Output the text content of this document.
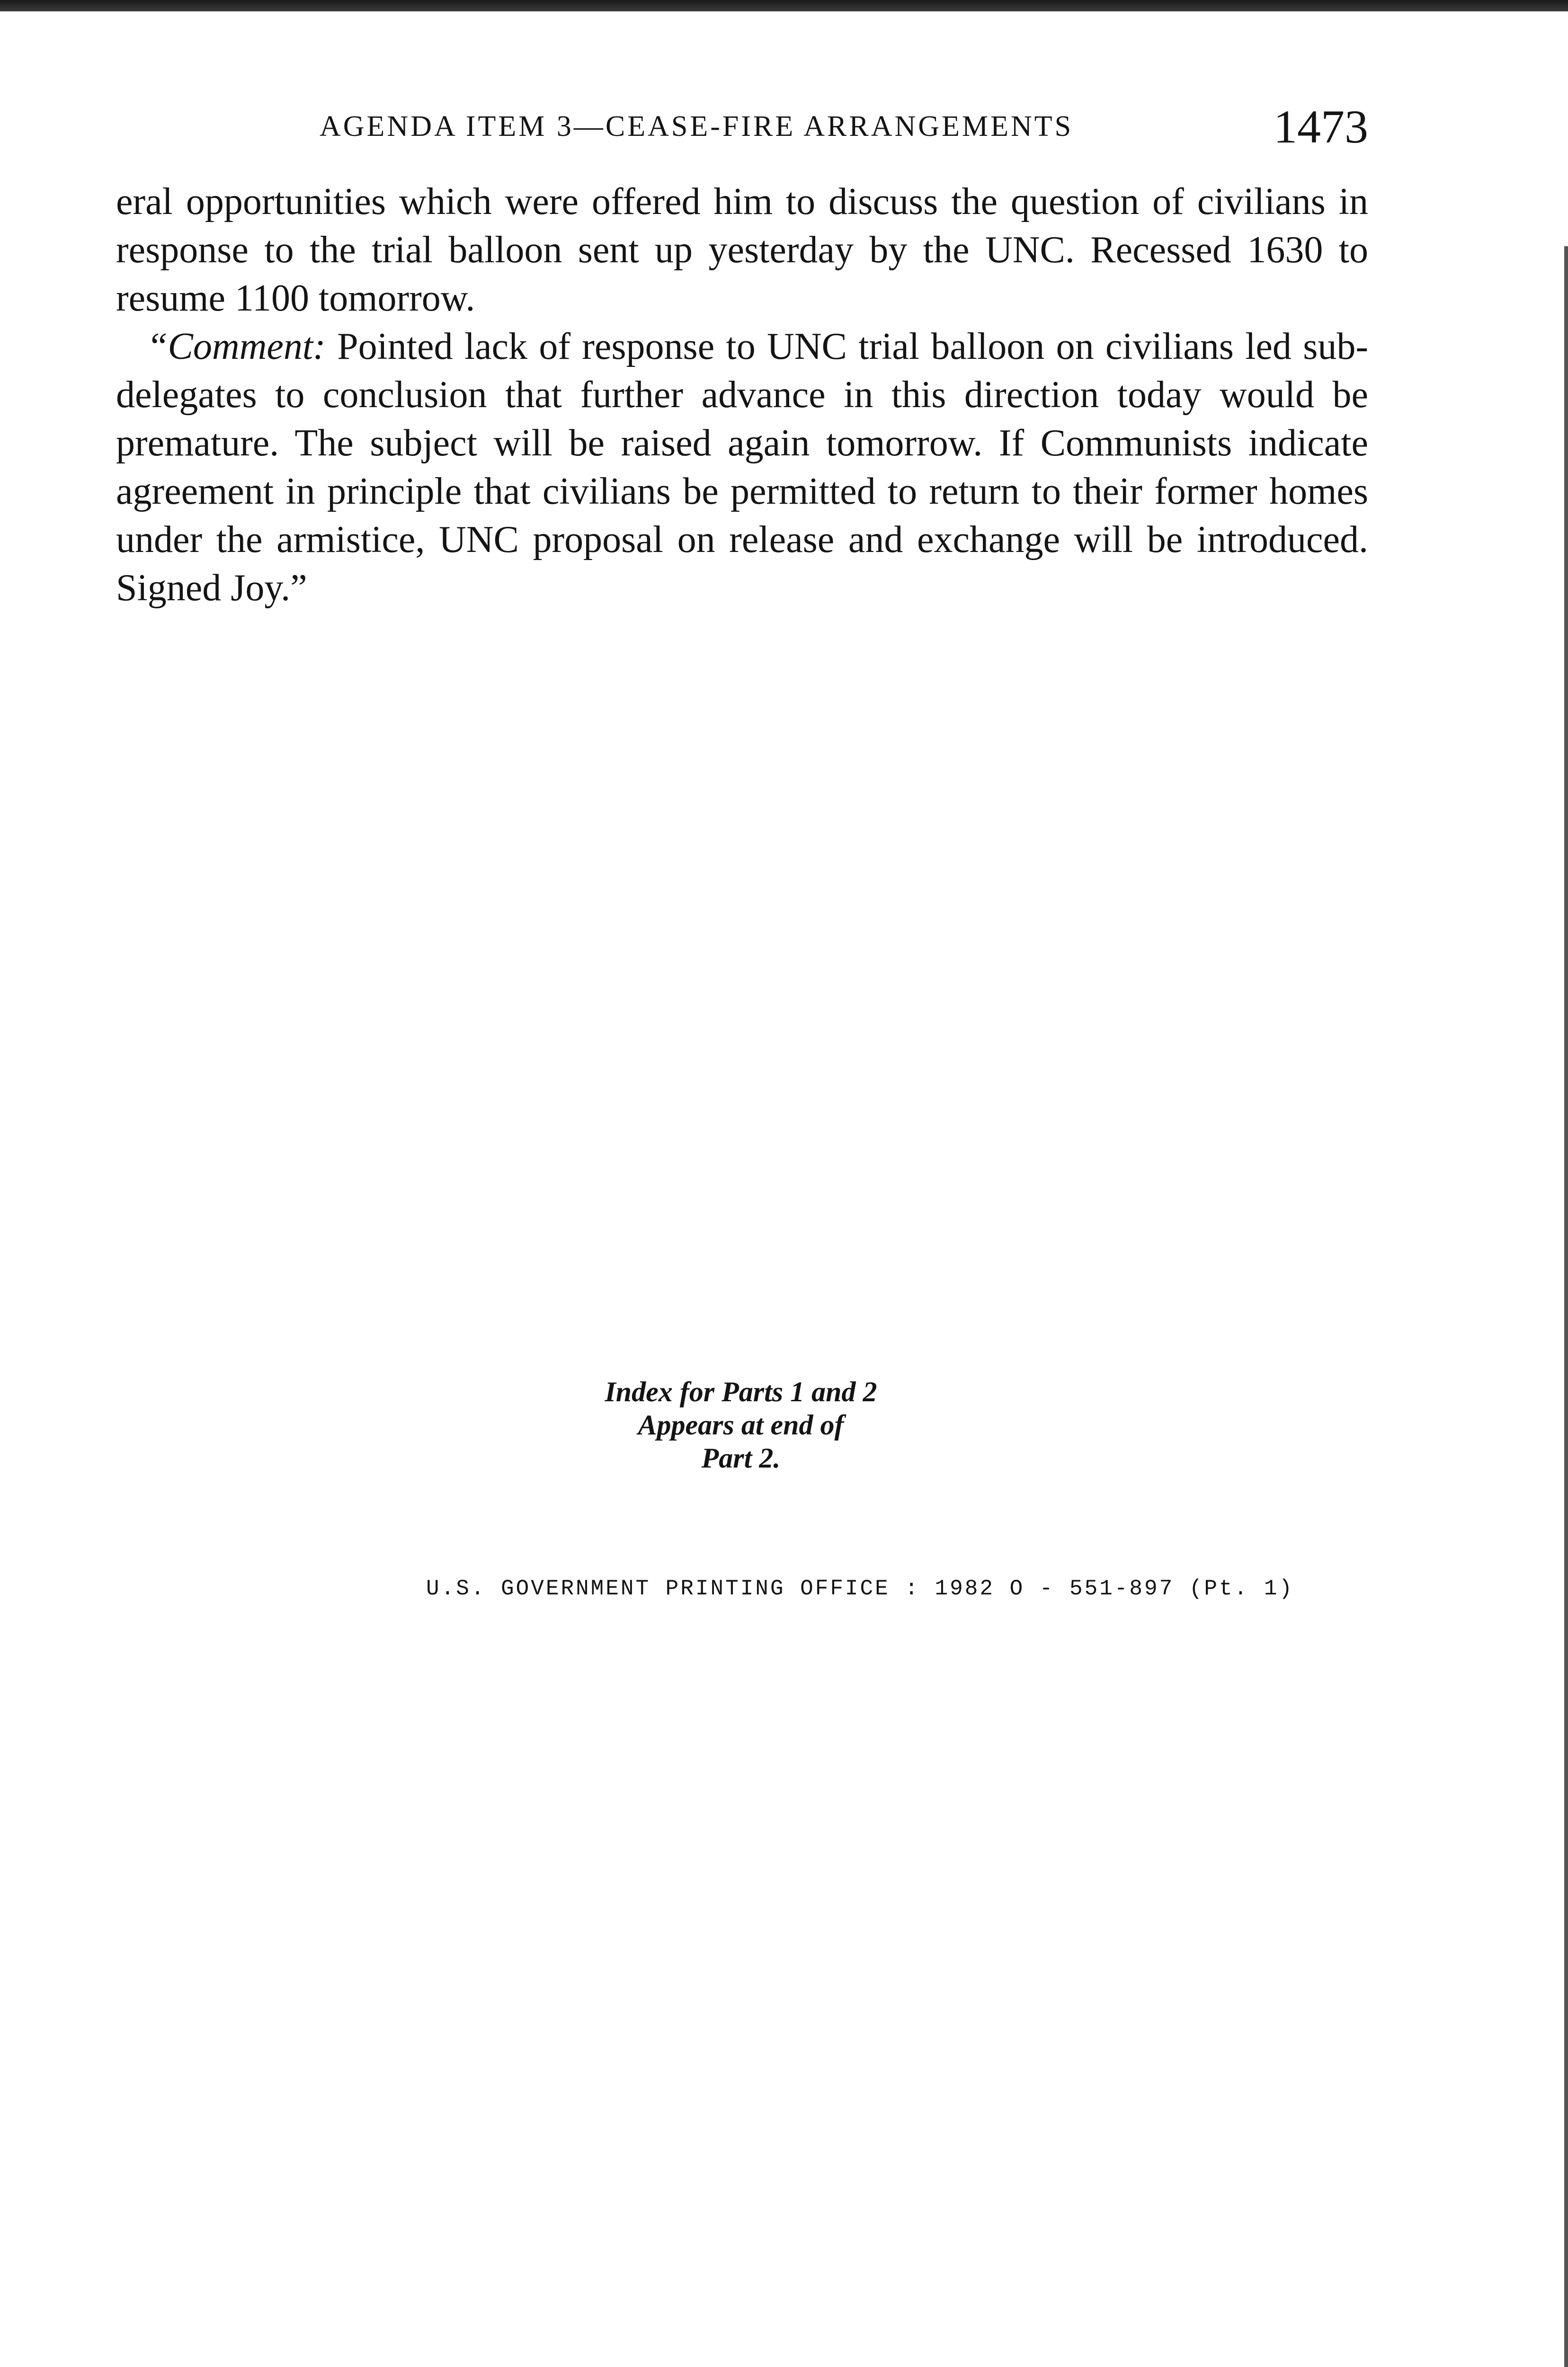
AGENDA ITEM 3—CEASE-FIRE ARRANGEMENTS	1473

eral opportunities which were offered him to discuss the question of civilians in response to the trial balloon sent up yesterday by the UNC. Recessed 1630 to resume 1100 tomorrow.

“Comment: Pointed lack of response to UNC trial balloon on civilians led sub-delegates to conclusion that further advance in this direction today would be premature. The subject will be raised again tomorrow. If Communists indicate agreement in principle that civilians be permitted to return to their former homes under the armistice, UNC proposal on release and exchange will be introduced. Signed Joy.”

Index for Parts 1 and 2
Appears at end of
Part 2.
U.S. GOVERNMENT PRINTING OFFICE : 1982 O - 551-897 (Pt. 1)
